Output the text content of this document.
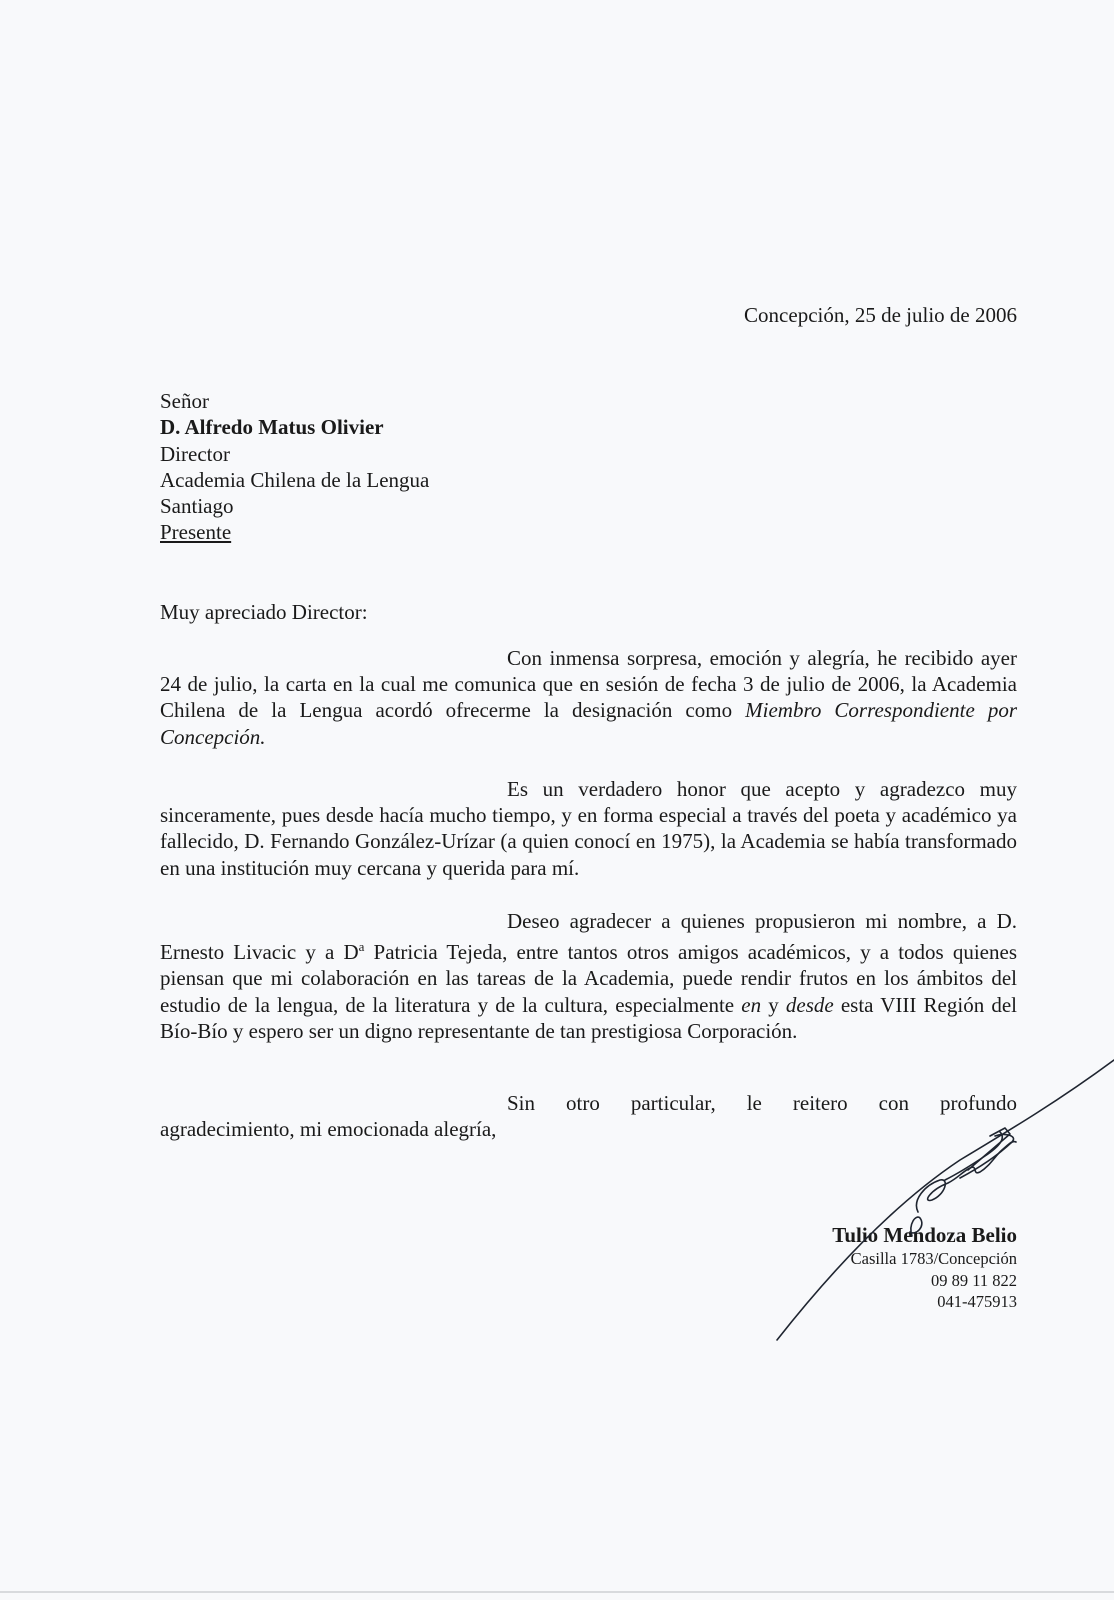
Concepción, 25 de julio de 2006
Señor
D. Alfredo Matus Olivier
Director
Academia Chilena de la Lengua
Santiago
Presente
Muy apreciado Director:
Con inmensa sorpresa, emoción y alegría, he recibido ayer 24 de julio, la carta en la cual me comunica que en sesión de fecha 3 de julio de 2006, la Academia Chilena de la Lengua acordó ofrecerme la designación como Miembro Correspondiente por Concepción.
Es un verdadero honor que acepto y agradezco muy sinceramente, pues desde hacía mucho tiempo, y en forma especial a través del poeta y académico ya fallecido, D. Fernando González-Urízar (a quien conocí en 1975), la Academia se había transformado en una institución muy cercana y querida para mí.
Deseo agradecer a quienes propusieron mi nombre, a D. Ernesto Livacic y a $D^a$ Patricia Tejeda, entre tantos otros amigos académicos, y a todos quienes piensan que mi colaboración en las tareas de la Academia, puede rendir frutos en los ámbitos del estudio de la lengua, de la literatura y de la cultura, especialmente en y desde esta VIII Región del Bío-Bío y espero ser un digno representante de tan prestigiosa Corporación.
Sin otro particular, le reitero con profundo
agradecimiento, mi emocionada alegría,
Tulio Mendoza Belio
Casilla 1783/Concepción
09 89 11 822
041-475913
